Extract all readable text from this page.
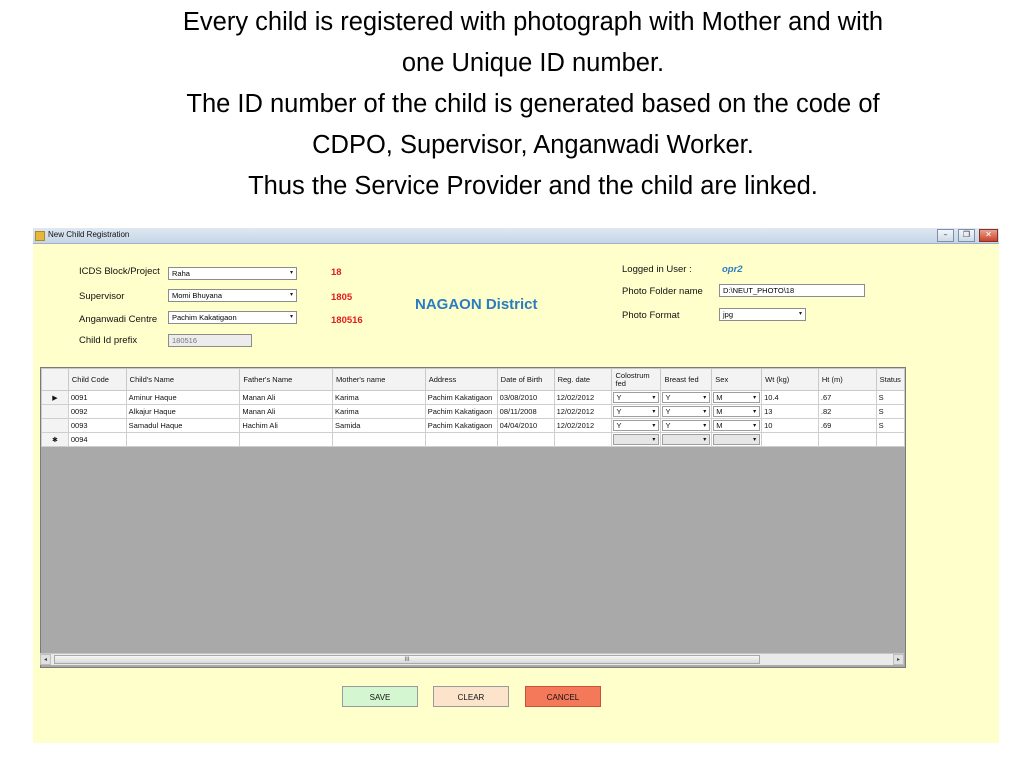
Every child is registered with photograph with Mother and with
one Unique ID number.
The ID number of the child is generated based on the code of
CDPO, Supervisor, Anganwadi Worker.
Thus the Service Provider and the child are linked.
New Child Registration	–	❐	✕
ICDS Block/Project	Raha	▾	18
Supervisor	Momi Bhuyana	▾	1805
Anganwadi Centre	Pachim Kakatigaon	▾	180516
Child Id prefix	180516
NAGAON District
Logged in User :	opr2
Photo Folder name	D:\NEUT_PHOTO\18
Photo Format	jpg	▾
	Child Code	Child's Name	Father's Name	Mother's name	Address	Date of Birth	Reg. date	Colostrum fed	Breast fed	Sex	Wt (kg)	Ht (m)	Status
▶	0091	Aminur Haque	Manan Ali	Karima	Pachim Kakatigaon	03/08/2010	12/02/2012	Y ▾	Y ▾	M ▾	10.4	.67	S
	0092	Alkajur Haque	Manan Ali	Karima	Pachim Kakatigaon	08/11/2008	12/02/2012	Y ▾	Y ▾	M ▾	13	.82	S
	0093	Samadul Haque	Hachim Ali	Samida	Pachim Kakatigaon	04/04/2010	12/02/2012	Y ▾	Y ▾	M ▾	10	.69	S
✱	0094							▾	▾	▾			

◂	III	▸
SAVE	CLEAR	CANCEL
